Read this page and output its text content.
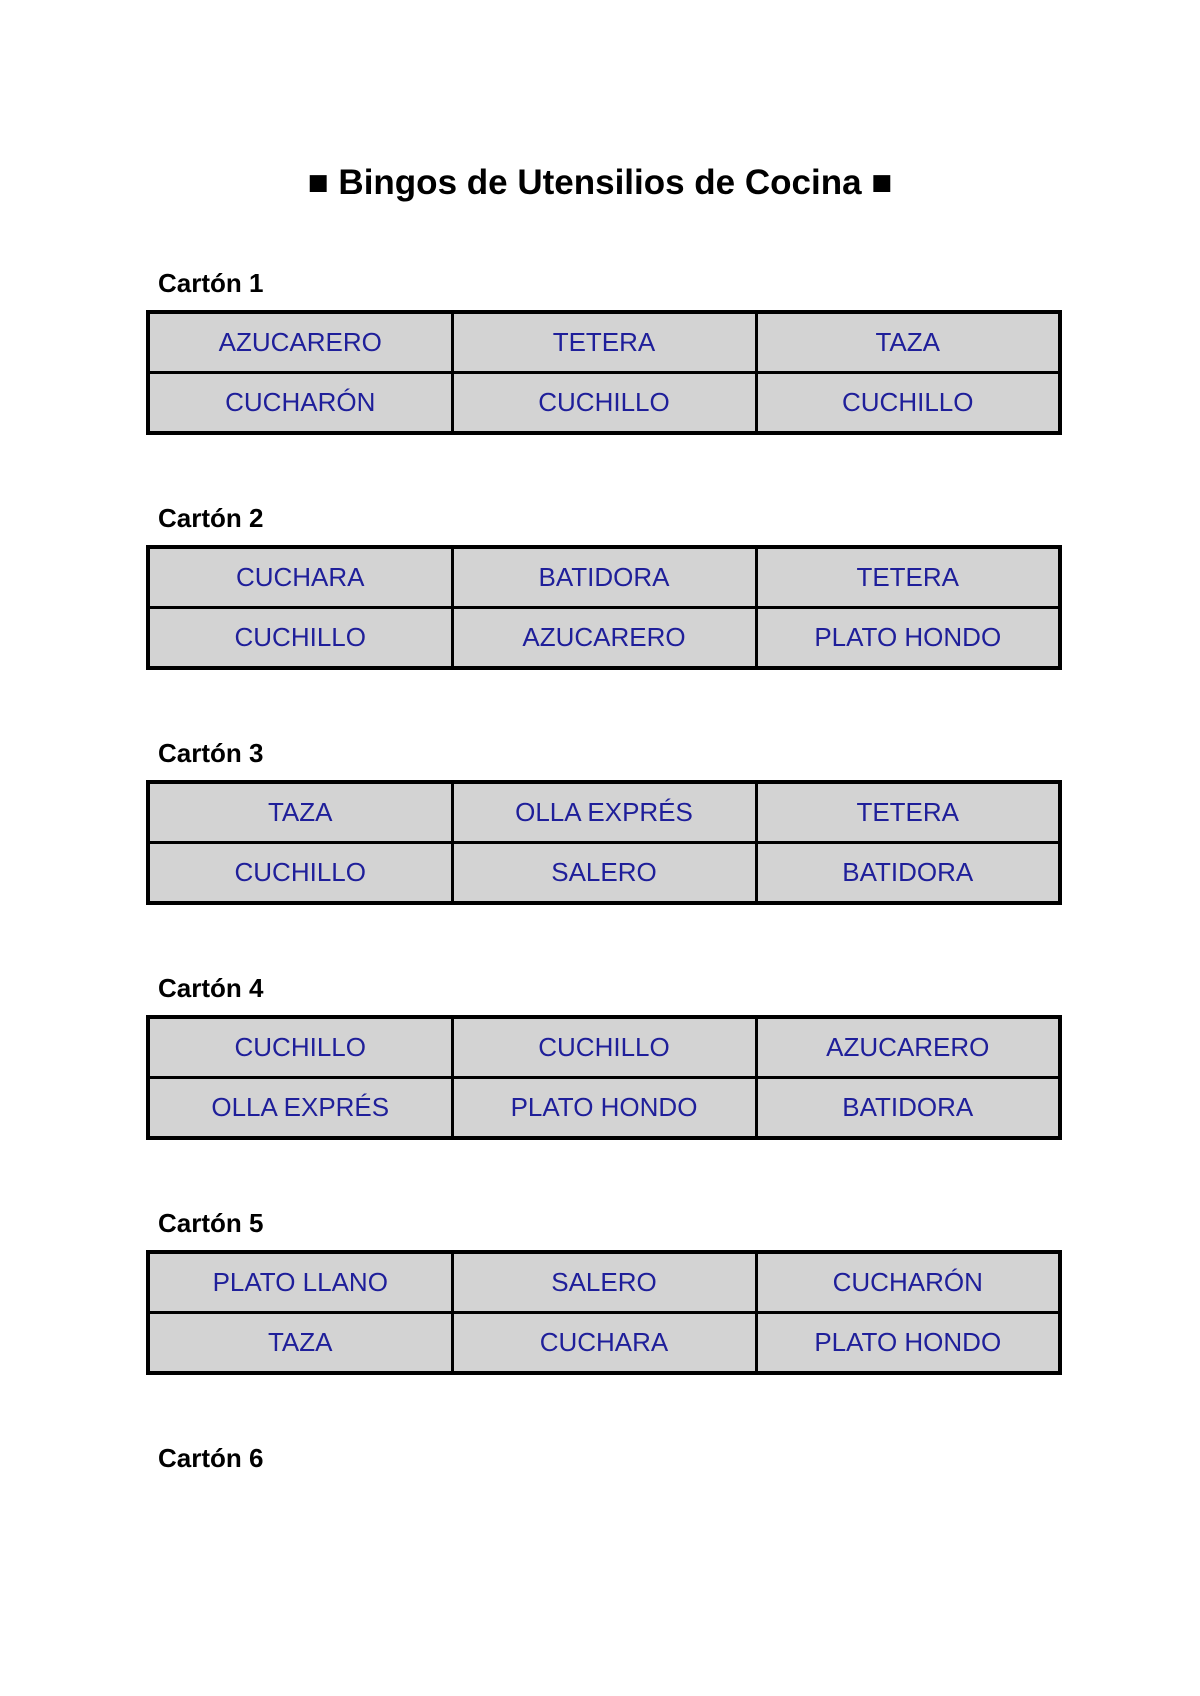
■ Bingos de Utensilios de Cocina ■
Cartón 1
AZUCARERO	TETERA	TAZA
CUCHARÓN	CUCHILLO	CUCHILLO
Cartón 2
CUCHARA	BATIDORA	TETERA
CUCHILLO	AZUCARERO	PLATO HONDO
Cartón 3
TAZA	OLLA EXPRÉS	TETERA
CUCHILLO	SALERO	BATIDORA
Cartón 4
CUCHILLO	CUCHILLO	AZUCARERO
OLLA EXPRÉS	PLATO HONDO	BATIDORA
Cartón 5
PLATO LLANO	SALERO	CUCHARÓN
TAZA	CUCHARA	PLATO HONDO
Cartón 6
